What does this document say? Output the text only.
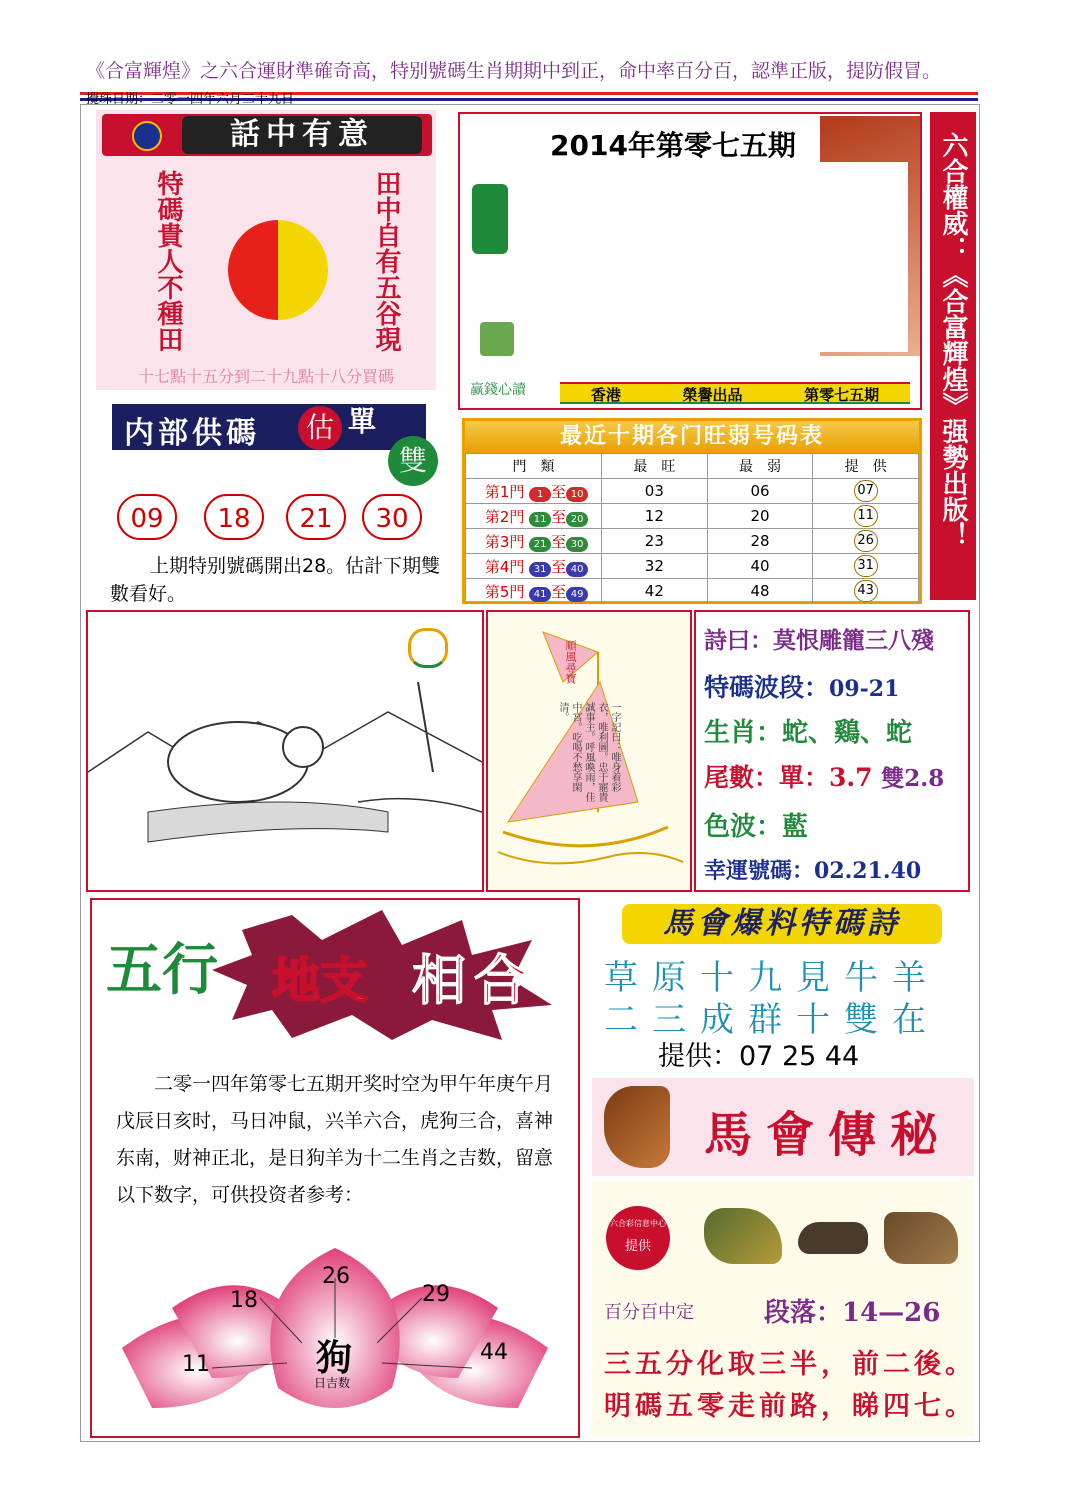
《合富輝煌》之六合運財準確奇高，特别號碼生肖期期中到正，命中率百分百，認準正版，提防假冒。
攪珠日期：二零一四年六月二十九日
話中有意
特碼貴人不種田	田中自有五谷現
十七點十五分到二十九點十八分買碼
2014年第零七五期
赢錢心讀	香港	榮譽出品	第零七五期	六合權威：《合富輝煌》强勢出版！
内部供碼 估 單
雙
09	18	21	30
上期特别號碼開出28。估計下期雙數看好。
最近十期各门旺弱号码表
門　類	最　旺	最　弱	提　供
第1門 1 至 10	03	06	07
第2門 11 至 20	12	20	11
第3門 21 至 30	23	28	26
第4門 31 至 40	32	40	31
第5門 41 至 49	42	48	43
順風尋寶
一字記曰：唯身着彩衣，唯利圖。忠于寵貴誠事主。呼風喚雨，佳中宮。吃喝不愁享閑清。
詩曰：莫恨雕籠三八殘
特碼波段：09-21
生肖：蛇、鷄、蛇
尾數：單：3.7 雙2.8
色波：藍
幸運號碼：02.21.40
五行 地支 相合
二零一四年第零七五期开奖时空为甲午年庚午月戊辰日亥时，马日冲鼠，兴羊六合，虎狗三合，喜神东南，财神正北，是日狗羊为十二生肖之吉数，留意以下数字，可供投资者参考：
11
18
26
29
44
狗
日吉数
馬會爆料特碼詩
草原十九見牛羊
二三成群十雙在
提供：07 25 44
馬會傳秘
六合彩信息中心
提供
百分百中定	段落：14—26
三五分化取三半，前二後。
明碼五零走前路，睇四七。
